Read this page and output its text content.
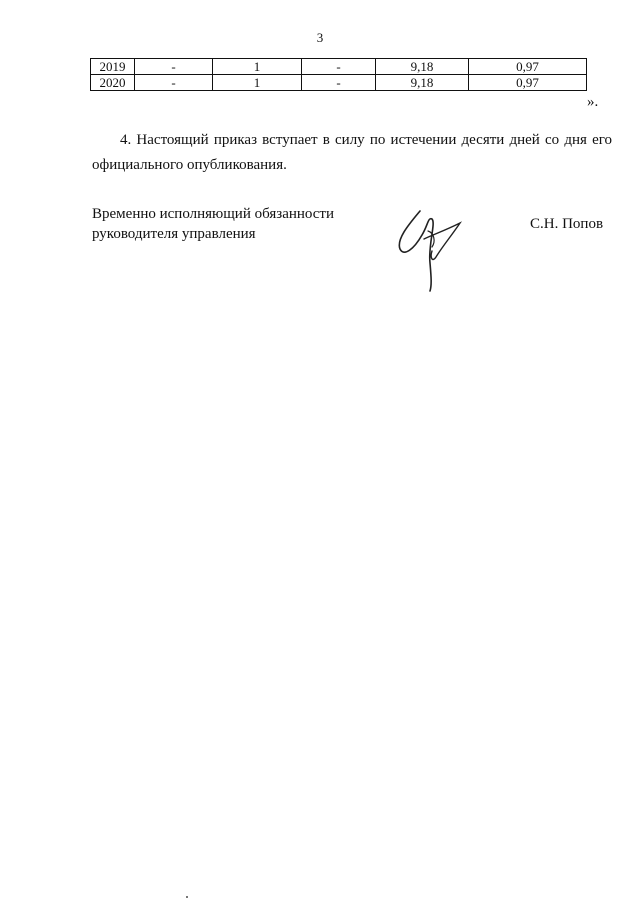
3
2019	-	1	-	9,18	0,97
2020	-	1	-	9,18	0,97
».

4. Настоящий приказ вступает в силу по истечении десяти дней со дня его официального опубликования.

Временно исполняющий обязанности
руководителя управления
С.Н. Попов
